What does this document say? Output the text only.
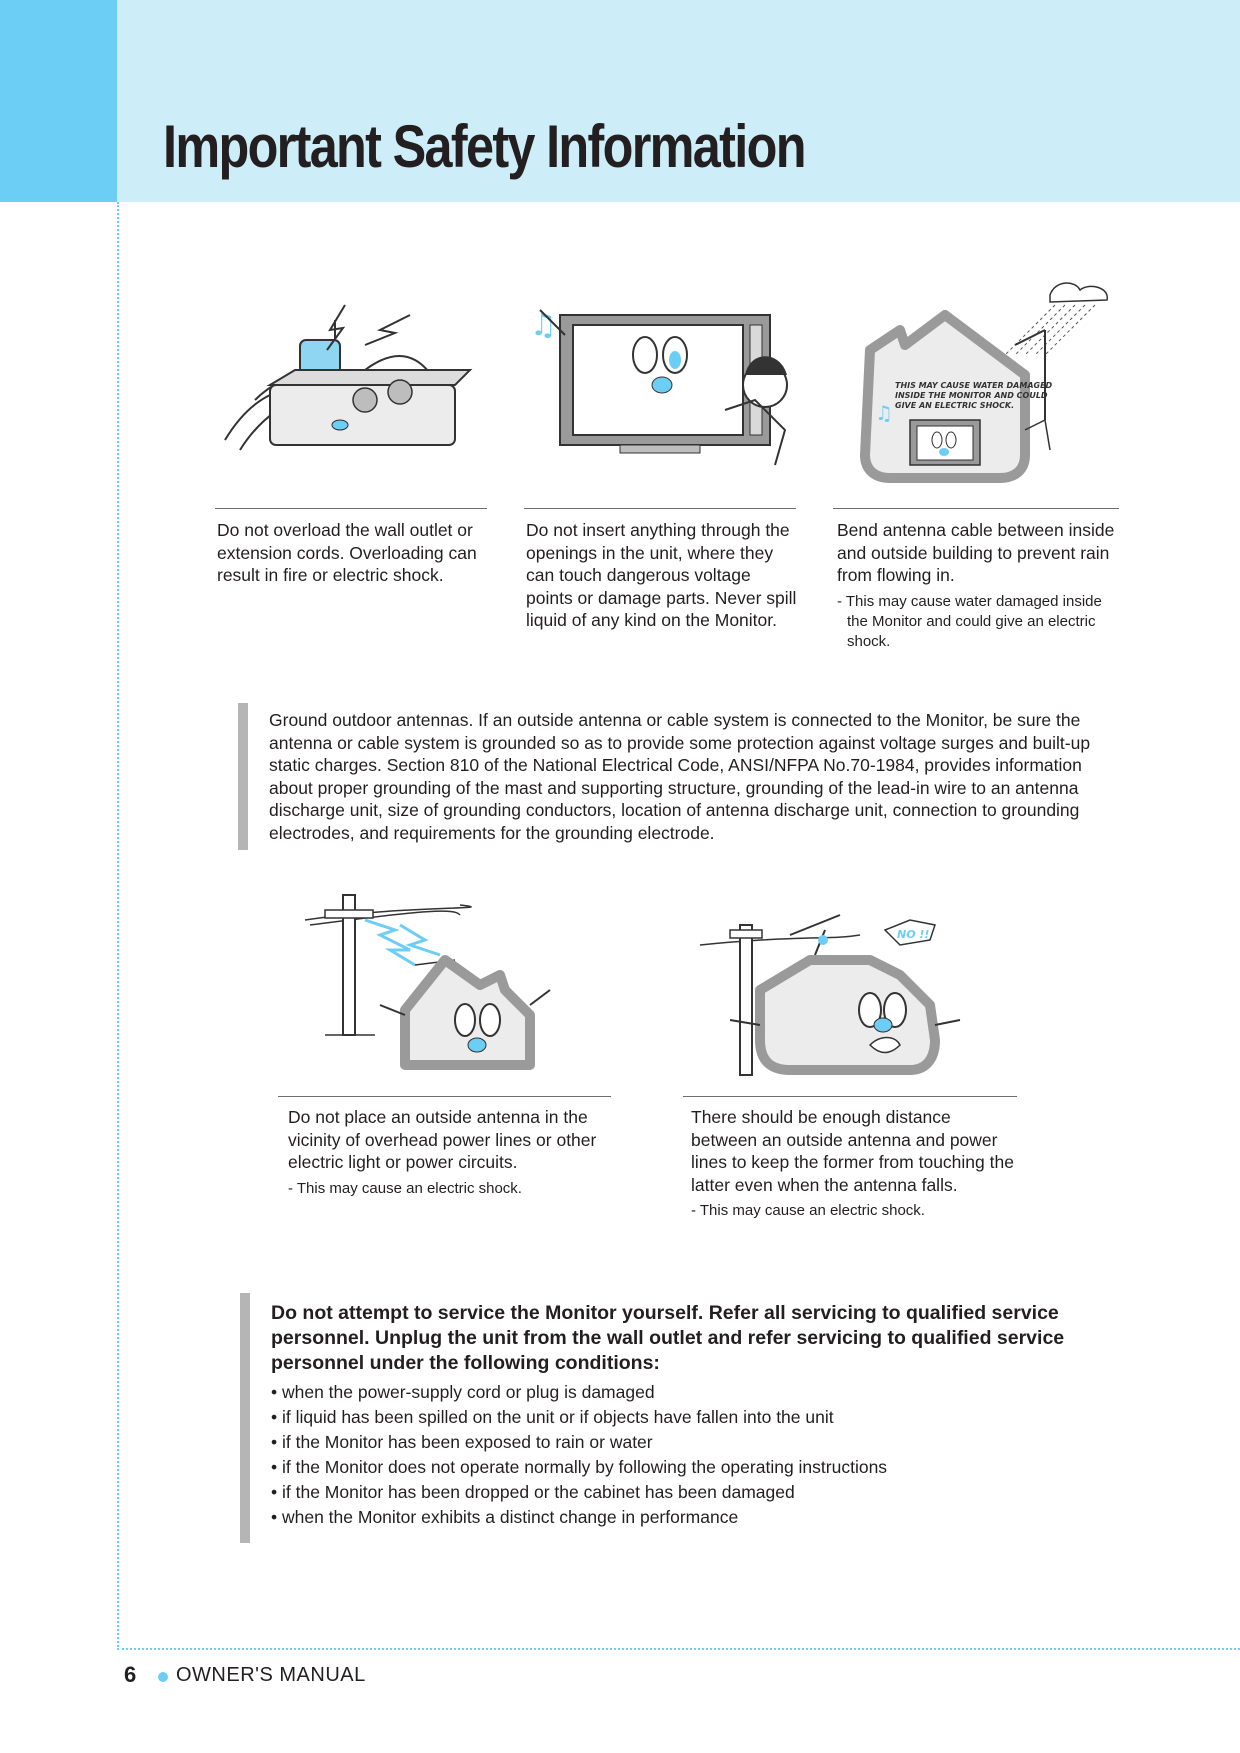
Important Safety Information
♫
THIS MAY CAUSE WATER DAMAGED INSIDE THE MONITOR AND COULD GIVE AN ELECTRIC SHOCK.
♫
Do not overload the wall outlet or extension cords. Overloading can result in fire or electric shock.
Do not insert anything through the openings in the unit, where they can touch dangerous voltage points or damage parts. Never spill liquid of any kind on the Monitor.
Bend antenna cable between inside and outside building to prevent rain from flowing in.
- This may cause water damaged inside the Monitor and could give an electric shock.
Ground outdoor antennas. If an outside antenna or cable system is connected to the Monitor, be sure the antenna or cable system is grounded so as to provide some protection against voltage surges and built-up static charges. Section 810 of the National Electrical Code, ANSI/NFPA No.70-1984, provides information about proper grounding of the mast and supporting structure, grounding of the lead-in wire to an antenna discharge unit, size of grounding conductors, location of antenna discharge unit, connection to grounding electrodes, and requirements for the grounding electrode.
NO !!
Do not place an outside antenna in the vicinity of overhead power lines or other electric light or power circuits.
- This may cause an electric shock.
There should be enough distance between an outside antenna and power lines to keep the former from touching the latter even when the antenna falls.
- This may cause an electric shock.
Do not attempt to service the Monitor yourself. Refer all servicing to qualified service personnel. Unplug the unit from the wall outlet and refer servicing to qualified service personnel under the following conditions:
• when the power-supply cord or plug is damaged
• if liquid has been spilled on the unit or if objects have fallen into the unit
• if the Monitor has been exposed to rain or water
• if the Monitor does not operate normally by following the operating instructions
• if the Monitor has been dropped or the cabinet has been damaged
• when the Monitor exhibits a distinct change in performance
6 OWNER'S MANUAL
